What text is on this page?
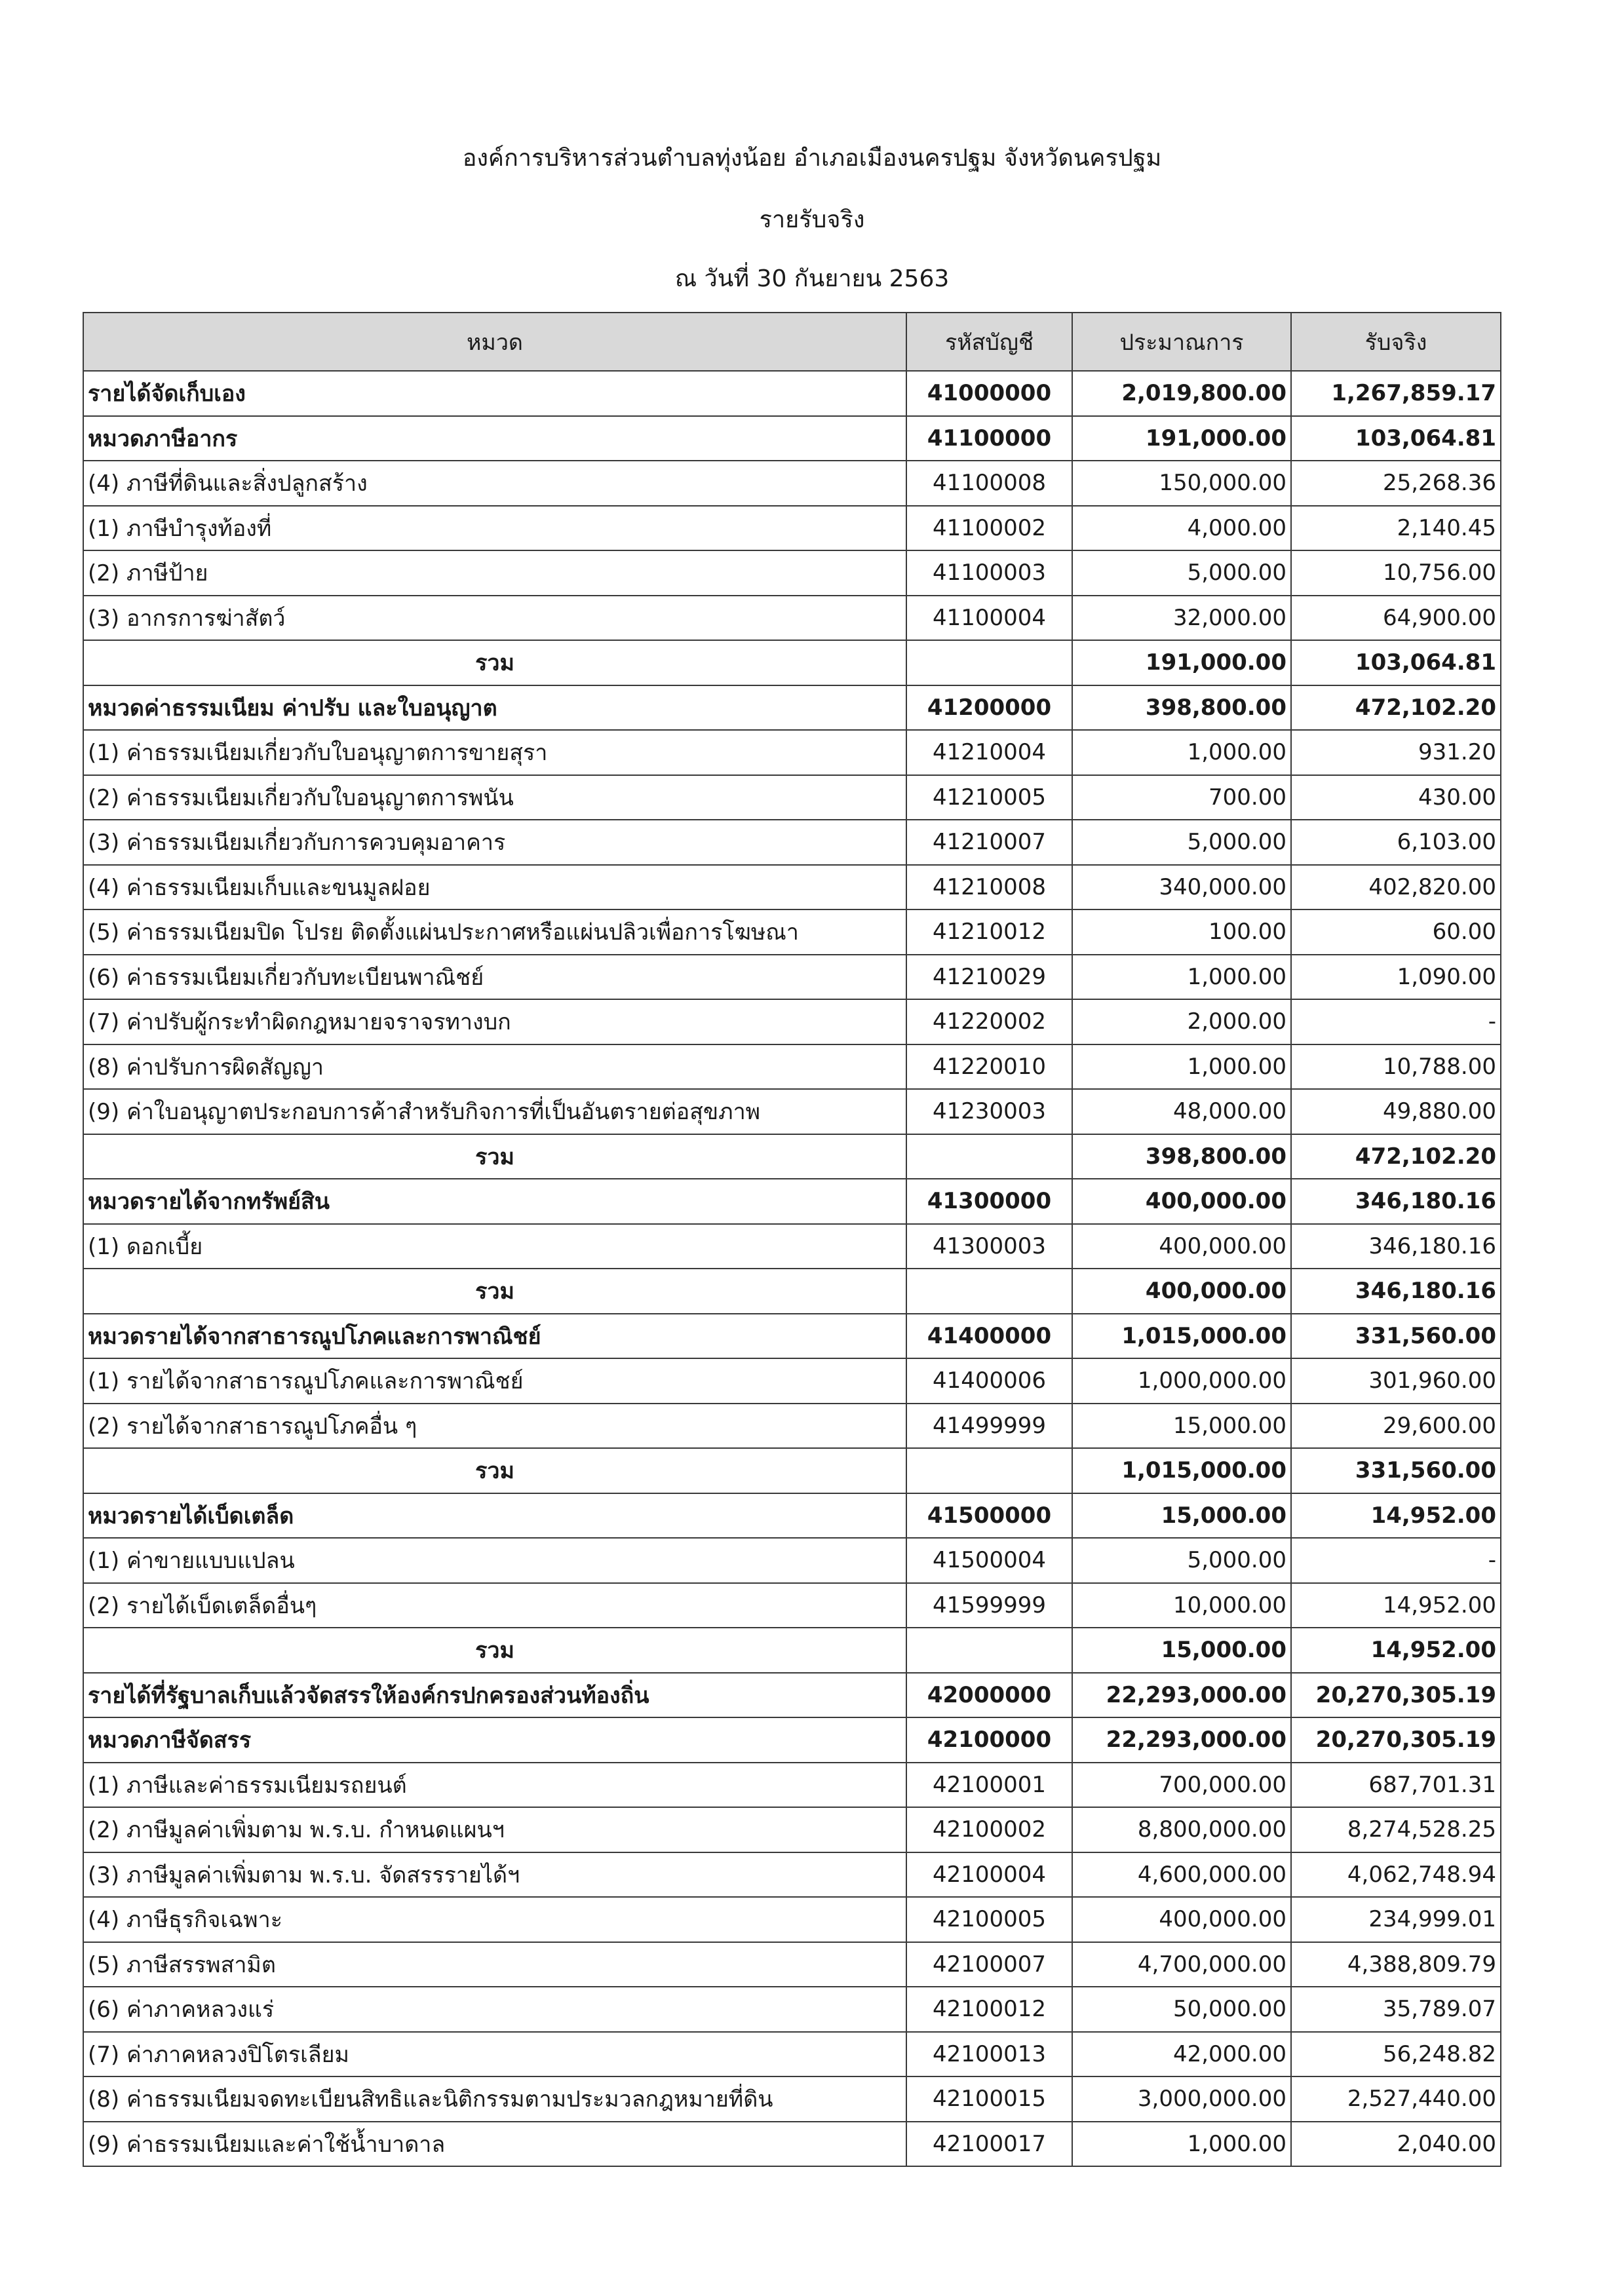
องค์การบริหารส่วนตำบลทุ่งน้อย อำเภอเมืองนครปฐม จังหวัดนครปฐม
รายรับจริง
ณ วันที่ 30 กันยายน 2563
หมวด	รหัสบัญชี	ประมาณการ	รับจริง
รายได้จัดเก็บเอง	41000000	2,019,800.00	1,267,859.17
หมวดภาษีอากร	41100000	191,000.00	103,064.81
(4) ภาษีที่ดินและสิ่งปลูกสร้าง	41100008	150,000.00	25,268.36
(1) ภาษีบำรุงท้องที่	41100002	4,000.00	2,140.45
(2) ภาษีป้าย	41100003	5,000.00	10,756.00
(3) อากรการฆ่าสัตว์	41100004	32,000.00	64,900.00
รวม		191,000.00	103,064.81
หมวดค่าธรรมเนียม ค่าปรับ และใบอนุญาต	41200000	398,800.00	472,102.20
(1) ค่าธรรมเนียมเกี่ยวกับใบอนุญาตการขายสุรา	41210004	1,000.00	931.20
(2) ค่าธรรมเนียมเกี่ยวกับใบอนุญาตการพนัน	41210005	700.00	430.00
(3) ค่าธรรมเนียมเกี่ยวกับการควบคุมอาคาร	41210007	5,000.00	6,103.00
(4) ค่าธรรมเนียมเก็บและขนมูลฝอย	41210008	340,000.00	402,820.00
(5) ค่าธรรมเนียมปิด โปรย ติดตั้งแผ่นประกาศหรือแผ่นปลิวเพื่อการโฆษณา	41210012	100.00	60.00
(6) ค่าธรรมเนียมเกี่ยวกับทะเบียนพาณิชย์	41210029	1,000.00	1,090.00
(7) ค่าปรับผู้กระทำผิดกฎหมายจราจรทางบก	41220002	2,000.00	-
(8) ค่าปรับการผิดสัญญา	41220010	1,000.00	10,788.00
(9) ค่าใบอนุญาตประกอบการค้าสำหรับกิจการที่เป็นอันตรายต่อสุขภาพ	41230003	48,000.00	49,880.00
รวม		398,800.00	472,102.20
หมวดรายได้จากทรัพย์สิน	41300000	400,000.00	346,180.16
(1) ดอกเบี้ย	41300003	400,000.00	346,180.16
รวม		400,000.00	346,180.16
หมวดรายได้จากสาธารณูปโภคและการพาณิชย์	41400000	1,015,000.00	331,560.00
(1) รายได้จากสาธารณูปโภคและการพาณิชย์	41400006	1,000,000.00	301,960.00
(2) รายได้จากสาธารณูปโภคอื่น ๆ	41499999	15,000.00	29,600.00
รวม		1,015,000.00	331,560.00
หมวดรายได้เบ็ดเตล็ด	41500000	15,000.00	14,952.00
(1) ค่าขายแบบแปลน	41500004	5,000.00	-
(2) รายได้เบ็ดเตล็ดอื่นๆ	41599999	10,000.00	14,952.00
รวม		15,000.00	14,952.00
รายได้ที่รัฐบาลเก็บแล้วจัดสรรให้องค์กรปกครองส่วนท้องถิ่น	42000000	22,293,000.00	20,270,305.19
หมวดภาษีจัดสรร	42100000	22,293,000.00	20,270,305.19
(1) ภาษีและค่าธรรมเนียมรถยนต์	42100001	700,000.00	687,701.31
(2) ภาษีมูลค่าเพิ่มตาม พ.ร.บ. กำหนดแผนฯ	42100002	8,800,000.00	8,274,528.25
(3) ภาษีมูลค่าเพิ่มตาม พ.ร.บ. จัดสรรรายได้ฯ	42100004	4,600,000.00	4,062,748.94
(4) ภาษีธุรกิจเฉพาะ	42100005	400,000.00	234,999.01
(5) ภาษีสรรพสามิต	42100007	4,700,000.00	4,388,809.79
(6) ค่าภาคหลวงแร่	42100012	50,000.00	35,789.07
(7) ค่าภาคหลวงปิโตรเลียม	42100013	42,000.00	56,248.82
(8) ค่าธรรมเนียมจดทะเบียนสิทธิและนิติกรรมตามประมวลกฎหมายที่ดิน	42100015	3,000,000.00	2,527,440.00
(9) ค่าธรรมเนียมและค่าใช้น้ำบาดาล	42100017	1,000.00	2,040.00
